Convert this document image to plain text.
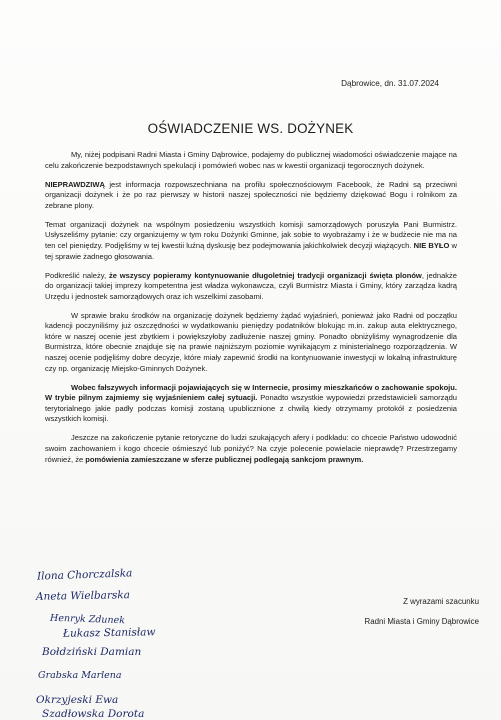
Dąbrowice, dn. 31.07.2024
OŚWIADCZENIE WS. DOŻYNEK

My, niżej podpisani Radni Miasta i Gminy Dąbrowice, podajemy do publicznej wiadomości oświadczenie mające na celu zakończenie bezpodstawnych spekulacji i pomówień wobec nas w kwestii organizacji tegorocznych dożynek.

NIEPRAWDZIWĄ jest informacja rozpowszechniana na profilu społecznościowym Facebook, że Radni są przeciwni organizacji dożynek i że po raz pierwszy w historii naszej społeczności nie będziemy dziękować Bogu i rolnikom za zebrane plony.

Temat organizacji dożynek na wspólnym posiedzeniu wszystkich komisji samorządowych poruszyła Pani Burmistrz. Usłyszeliśmy pytanie: czy organizujemy w tym roku Dożynki Gminne, jak sobie to wyobrażamy i że w budżecie nie ma na ten cel pieniędzy. Podjęliśmy w tej kwestii luźną dyskusję bez podejmowania jakichkolwiek decyzji wiążących. NIE BYŁO w tej sprawie żadnego głosowania.

Podkreślić należy, że wszyscy popieramy kontynuowanie długoletniej tradycji organizacji święta plonów, jednakże do organizacji takiej imprezy kompetentna jest władza wykonawcza, czyli Burmistrz Miasta i Gminy, który zarządza kadrą Urzędu i jednostek samorządowych oraz ich wszelkimi zasobami.

W sprawie braku środków na organizację dożynek będziemy żądać wyjaśnień, ponieważ jako Radni od początku kadencji poczyniliśmy już oszczędności w wydatkowaniu pieniędzy podatników blokując m.in. zakup auta elektrycznego, które w naszej ocenie jest zbytkiem i powiększyłoby zadłużenie naszej gminy. Ponadto obniżyliśmy wynagrodzenie dla Burmistrza, które obecnie znajduje się na prawie najniższym poziomie wynikającym z ministerialnego rozporządzenia. W naszej ocenie podjęliśmy dobre decyzje, które miały zapewnić środki na kontynuowanie inwestycji w lokalną infrastrukturę czy np. organizację Miejsko-Gminnych Dożynek.

Wobec fałszywych informacji pojawiających się w Internecie, prosimy mieszkańców o zachowanie spokoju. W trybie pilnym zajmiemy się wyjaśnieniem całej sytuacji. Ponadto wszystkie wypowiedzi przedstawicieli samorządu terytorialnego jakie padły podczas komisji zostaną upublicznione z chwilą kiedy otrzymamy protokół z posiedzenia wszystkich komisji.

Jeszcze na zakończenie pytanie retoryczne do ludzi szukających afery i podkładu: co chcecie Państwo udowodnić swoim zachowaniem i kogo chcecie ośmieszyć lub poniżyć? Na czyje polecenie powielacie nieprawdę? Przestrzegamy również, że pomówienia zamieszczane w sferze publicznej podlegają sankcjom prawnym.

Z wyrazami szacunku
Radni Miasta i Gminy Dąbrowice
Ilona Chorczalska
Aneta Wielbarska
Henryk Zdunek
Łukasz Stanisław
Bołdziński Damian
Grabska Marlena
Okrzyjeski Ewa
Szadłowska Dorota
